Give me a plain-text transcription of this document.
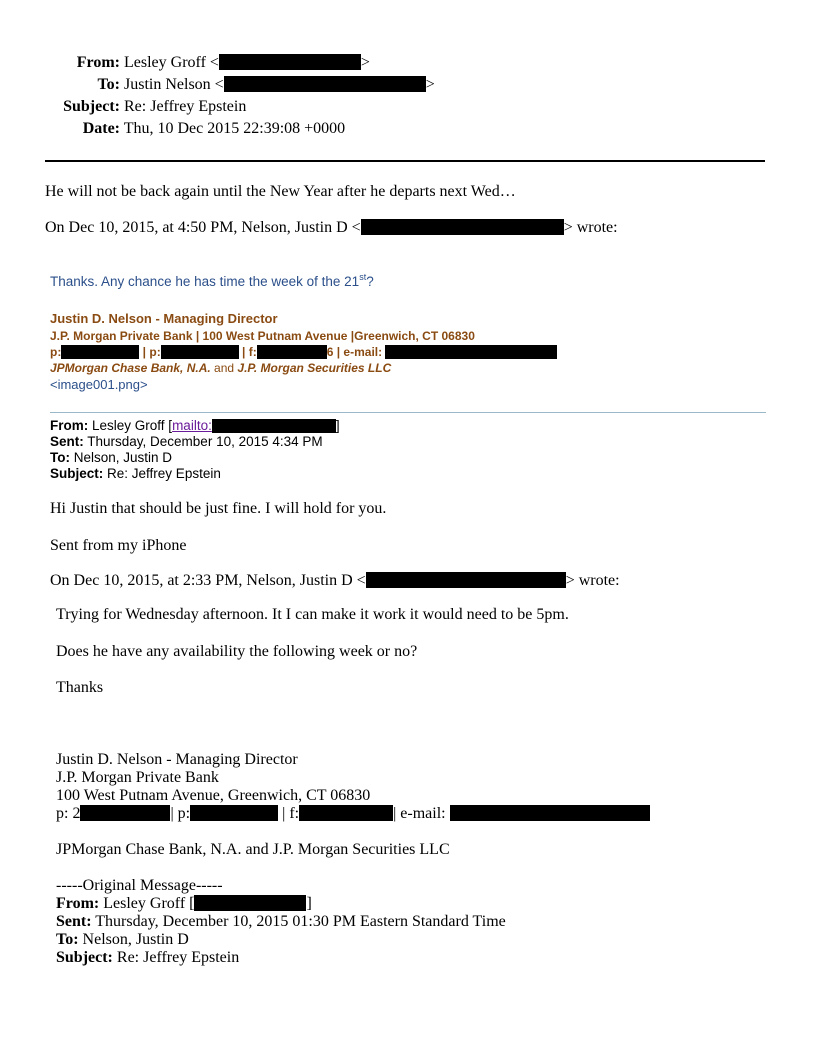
From: Lesley Groff <	>
To: Justin Nelson <	>
Subject: Re: Jeffrey Epstein
Date: Thu, 10 Dec 2015 22:39:08 +0000
He will not be back again until the New Year after he departs next Wed…
On Dec 10, 2015, at 4:50 PM, Nelson, Justin D <	> wrote:
Thanks. Any chance he has time the week of the 21st?
Justin D. Nelson - Managing Director
J.P. Morgan Private Bank | 100 West Putnam Avenue |Greenwich, CT 06830
p:	| p:	| f:	6 | e-mail:
JPMorgan Chase Bank, N.A. and J.P. Morgan Securities LLC
<image001.png>
From: Lesley Groff [mailto:	]
Sent: Thursday, December 10, 2015 4:34 PM
To: Nelson, Justin D
Subject: Re: Jeffrey Epstein
Hi Justin that should be just fine. I will hold for you.
Sent from my iPhone
On Dec 10, 2015, at 2:33 PM, Nelson, Justin D <	> wrote:
Trying for Wednesday afternoon. It I can make it work it would need to be 5pm.
Does he have any availability the following week or no?
Thanks
Justin D. Nelson - Managing Director
J.P. Morgan Private Bank
100 West Putnam Avenue, Greenwich, CT 06830
p: 2	| p:	| f:	| e-mail:
JPMorgan Chase Bank, N.A. and J.P. Morgan Securities LLC
-----Original Message-----
From: Lesley Groff [	]
Sent: Thursday, December 10, 2015 01:30 PM Eastern Standard Time
To: Nelson, Justin D
Subject: Re: Jeffrey Epstein
